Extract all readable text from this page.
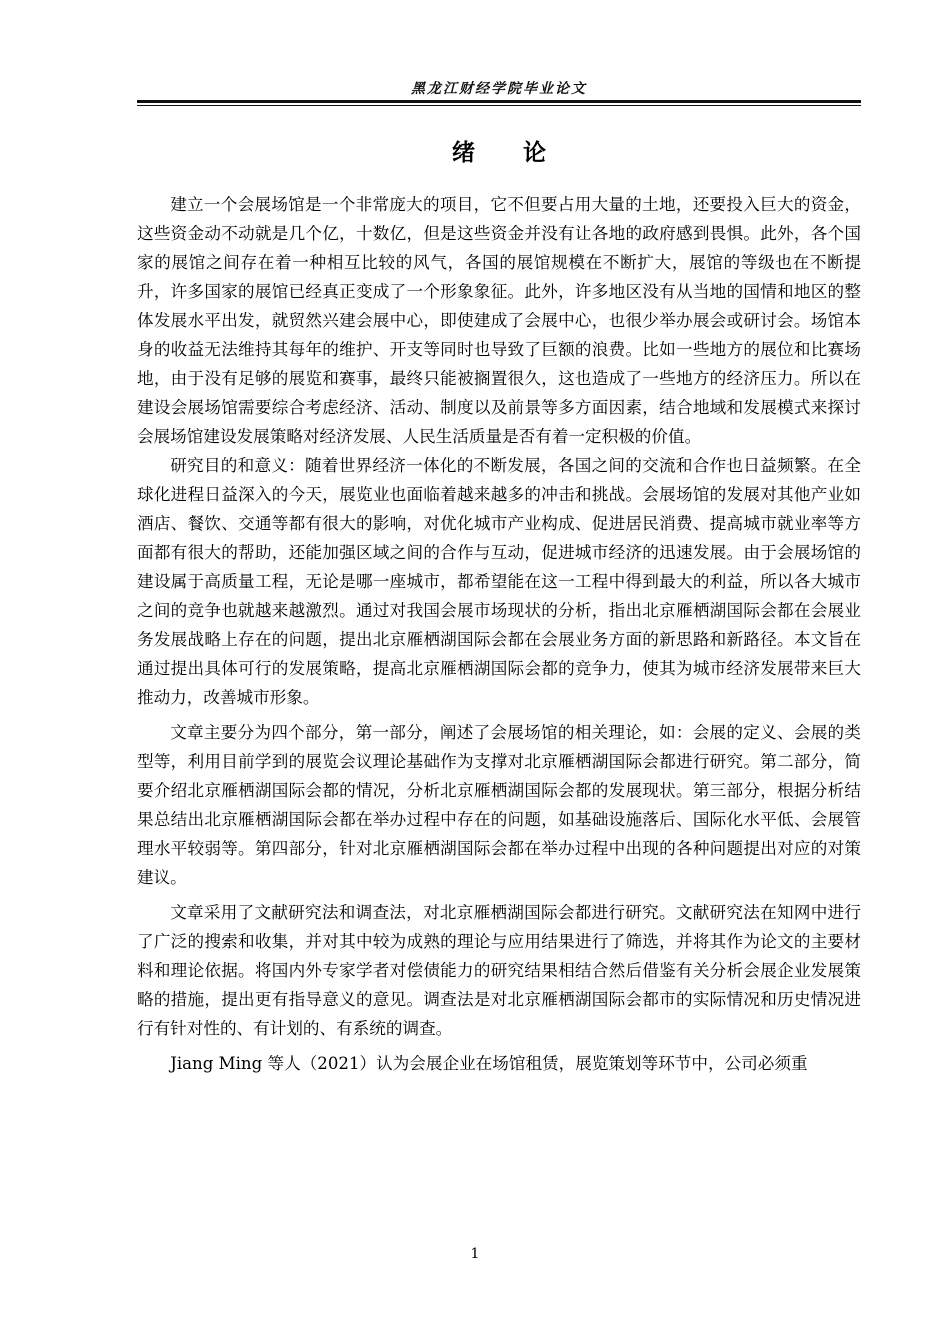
黑龙江财经学院毕业论文
绪 论

建立一个会展场馆是一个非常庞大的项目，它不但要占用大量的土地，还要投入巨大的资金，这些资金动不动就是几个亿，十数亿，但是这些资金并没有让各地的政府感到畏惧。此外，各个国家的展馆之间存在着一种相互比较的风气，各国的展馆规模在不断扩大，展馆的等级也在不断提升，许多国家的展馆已经真正变成了一个形象象征。此外，许多地区没有从当地的国情和地区的整体发展水平出发，就贸然兴建会展中心，即使建成了会展中心，也很少举办展会或研讨会。场馆本身的收益无法维持其每年的维护、开支等同时也导致了巨额的浪费。比如一些地方的展位和比赛场地，由于没有足够的展览和赛事，最终只能被搁置很久，这也造成了一些地方的经济压力。所以在建设会展场馆需要综合考虑经济、活动、制度以及前景等多方面因素，结合地域和发展模式来探讨会展场馆建设发展策略对经济发展、人民生活质量是否有着一定积极的价值。

研究目的和意义：随着世界经济一体化的不断发展，各国之间的交流和合作也日益频繁。在全球化进程日益深入的今天，展览业也面临着越来越多的冲击和挑战。会展场馆的发展对其他产业如酒店、餐饮、交通等都有很大的影响，对优化城市产业构成、促进居民消费、提高城市就业率等方面都有很大的帮助，还能加强区域之间的合作与互动，促进城市经济的迅速发展。由于会展场馆的建设属于高质量工程，无论是哪一座城市，都希望能在这一工程中得到最大的利益，所以各大城市之间的竞争也就越来越激烈。通过对我国会展市场现状的分析，指出北京雁栖湖国际会都在会展业务发展战略上存在的问题，提出北京雁栖湖国际会都在会展业务方面的新思路和新路径。本文旨在通过提出具体可行的发展策略，提高北京雁栖湖国际会都的竞争力，使其为城市经济发展带来巨大推动力，改善城市形象。

文章主要分为四个部分，第一部分，阐述了会展场馆的相关理论，如：会展的定义、会展的类型等，利用目前学到的展览会议理论基础作为支撑对北京雁栖湖国际会都进行研究。第二部分，简要介绍北京雁栖湖国际会都的情况，分析北京雁栖湖国际会都的发展现状。第三部分，根据分析结果总结出北京雁栖湖国际会都在举办过程中存在的问题，如基础设施落后、国际化水平低、会展管理水平较弱等。第四部分，针对北京雁栖湖国际会都在举办过程中出现的各种问题提出对应的对策建议。

文章采用了文献研究法和调查法，对北京雁栖湖国际会都进行研究。文献研究法在知网中进行了广泛的搜索和收集，并对其中较为成熟的理论与应用结果进行了筛选，并将其作为论文的主要材料和理论依据。将国内外专家学者对偿债能力的研究结果相结合然后借鉴有关分析会展企业发展策略的措施，提出更有指导意义的意见。调查法是对北京雁栖湖国际会都市的实际情况和历史情况进行有针对性的、有计划的、有系统的调查。

Jiang Ming 等人（2021）认为会展企业在场馆租赁，展览策划等环节中，公司必须重

1
